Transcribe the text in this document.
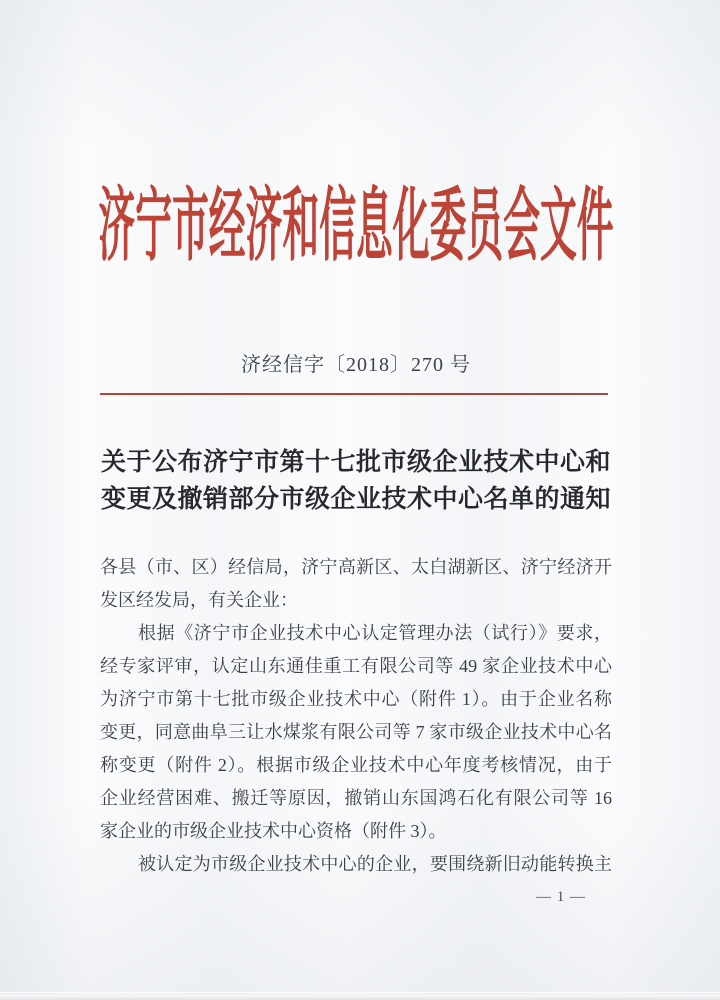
济宁市经济和信息化委员会文件
济经信字〔2018〕270 号
关于公布济宁市第十七批市级企业技术中心和
变更及撤销部分市级企业技术中心名单的通知
各县（市、区）经信局，济宁高新区、太白湖新区、济宁经济开
发区经发局，有关企业：
根据《济宁市企业技术中心认定管理办法（试行）》要求，
经专家评审，认定山东通佳重工有限公司等 49 家企业技术中心
为济宁市第十七批市级企业技术中心（附件 1）。由于企业名称
变更，同意曲阜三让水煤浆有限公司等 7 家市级企业技术中心名
称变更（附件 2）。根据市级企业技术中心年度考核情况，由于
企业经营困难、搬迁等原因，撤销山东国鸿石化有限公司等 16
家企业的市级企业技术中心资格（附件 3）。
被认定为市级企业技术中心的企业，要围绕新旧动能转换主
— 1 —
